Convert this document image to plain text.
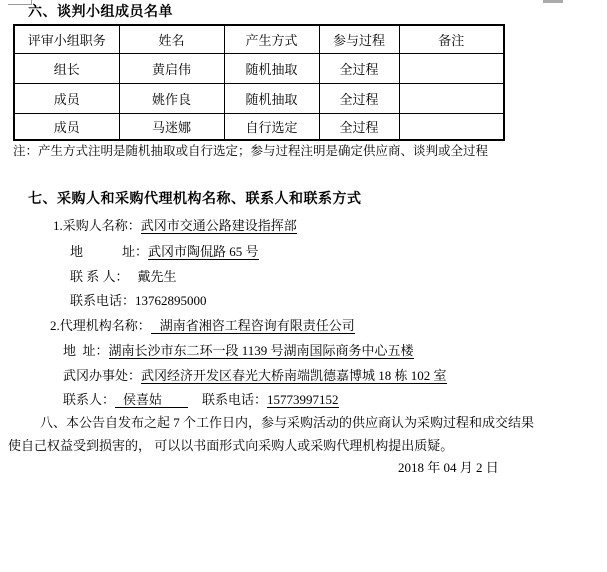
六、谈判小组成员名单
评审小组职务	姓名	产生方式	参与过程	备注
组长	黄启伟	随机抽取	全过程	
成员	姚作良	随机抽取	全过程	
成员	马迷娜	自行选定	全过程	
注：产生方式注明是随机抽取或自行选定；参与过程注明是确定供应商、谈判或全过程
七、采购人和采购代理机构名称、联系人和联系方式
1.采购人名称：武冈市交通公路建设指挥部
地　　　址：武冈市陶侃路 65 号
联 系 人： 戴先生
联系电话：13762895000
2.代理机构名称： 湖南省湘咨工程咨询有限责任公司
地  址：湖南长沙市东二环一段 1139 号湖南国际商务中心五楼
武冈办事处：武冈经济开发区春光大桥南端凯德嘉博城 18 栋 102 室
联系人： 侯喜姑	联系电话：15773997152
八、本公告自发布之起 7 个工作日内，参与采购活动的供应商认为采购过程和成交结果
使自己权益受到损害的， 可以以书面形式向采购人或采购代理机构提出质疑。
2018 年 04 月 2 日
